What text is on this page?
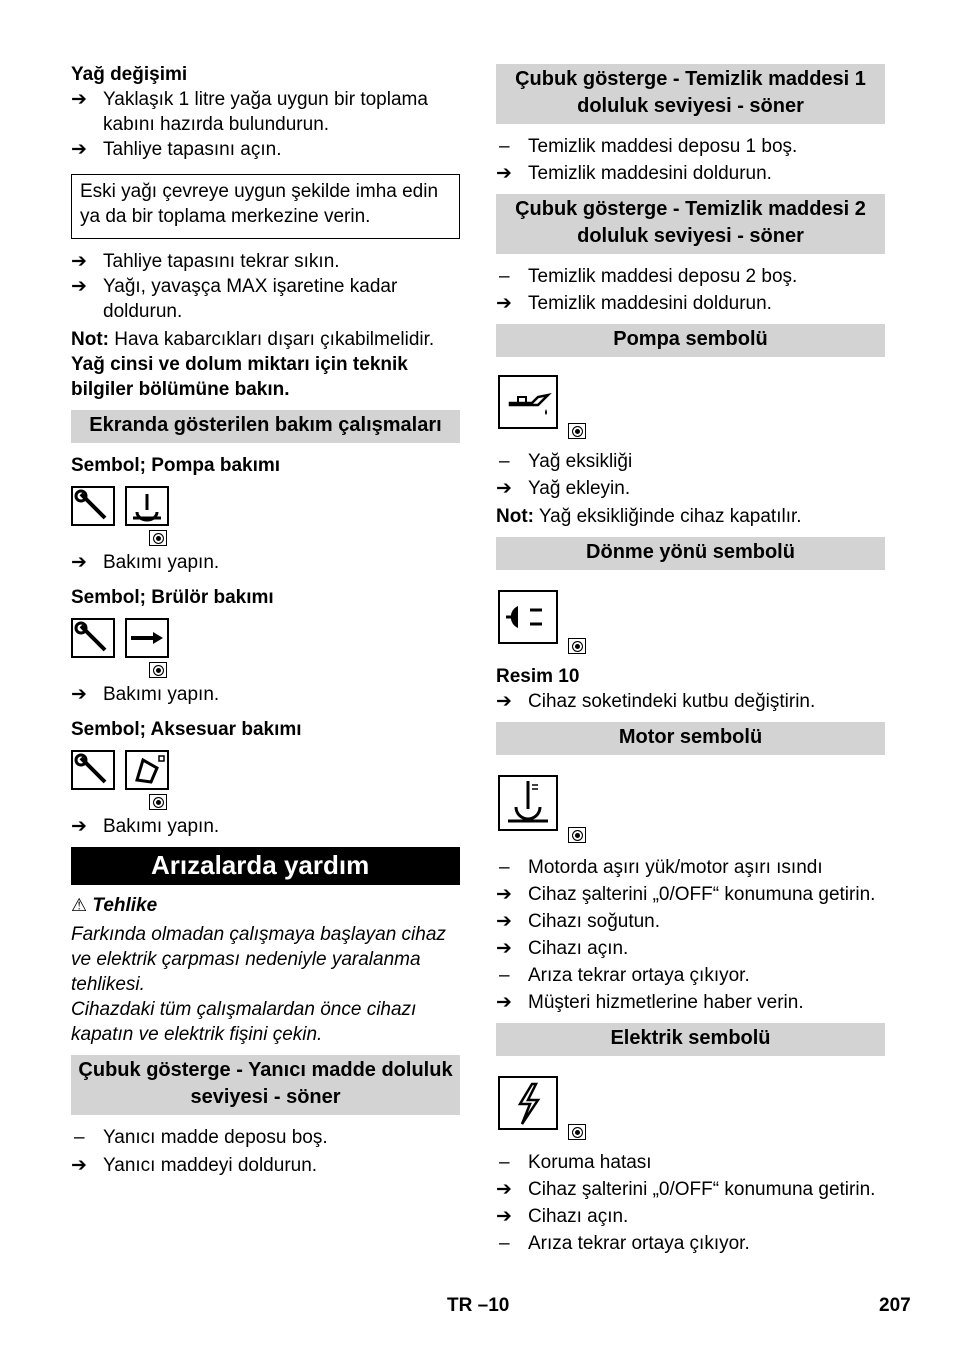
Yağ değişimi

➔ Yaklaşık 1 litre yağa uygun bir toplama kabını hazırda bulundurun.
➔ Tahliye tapasını açın.

Eski yağı çevreye uygun şekilde imha edin ya da bir toplama merkezine verin.

➔ Tahliye tapasını tekrar sıkın.
➔ Yağı, yavaşça MAX işaretine kadar doldurun.

Not: Hava kabarcıkları dışarı çıkabilmelidir.

Yağ cinsi ve dolum miktarı için teknik bilgiler bölümüne bakın.

Ekranda gösterilen bakım çalışmaları

Sembol; Pompa bakımı

➔ Bakımı yapın.

Sembol; Brülör bakımı

➔ Bakımı yapın.

Sembol; Aksesuar bakımı

➔ Bakımı yapın.
Arızalarda yardım

⚠ Tehlike

Farkında olmadan çalışmaya başlayan cihaz ve elektrik çarpması nedeniyle yaralanma tehlikesi.

Cihazdaki tüm çalışmalardan önce cihazı kapatın ve elektrik fişini çekin.

Çubuk gösterge - Yanıcı madde doluluk seviyesi - söner
– Yanıcı madde deposu boş.
➔ Yanıcı maddeyi doldurun.
Çubuk gösterge - Temizlik maddesi 1 doluluk seviyesi - söner
– Temizlik maddesi deposu 1 boş.
➔ Temizlik maddesini doldurun.
Çubuk gösterge - Temizlik maddesi 2 doluluk seviyesi - söner
– Temizlik maddesi deposu 2 boş.
➔ Temizlik maddesini doldurun.
Pompa sembolü
– Yağ eksikliği
➔ Yağ ekleyin.

Not: Yağ eksikliğinde cihaz kapatılır.

Dönme yönü sembolü

Resim 10

➔ Cihaz soketindeki kutbu değiştirin.
Motor sembolü
– Motorda aşırı yük/motor aşırı ısındı
➔ Cihaz şalterini „0/OFF“ konumuna getirin.
➔ Cihazı soğutun.
➔ Cihazı açın.
– Arıza tekrar ortaya çıkıyor.
➔ Müşteri hizmetlerine haber verin.
Elektrik sembolü
– Koruma hatası
➔ Cihaz şalterini „0/OFF“ konumuna getirin.
➔ Cihazı açın.
– Arıza tekrar ortaya çıkıyor.
TR –10	207
